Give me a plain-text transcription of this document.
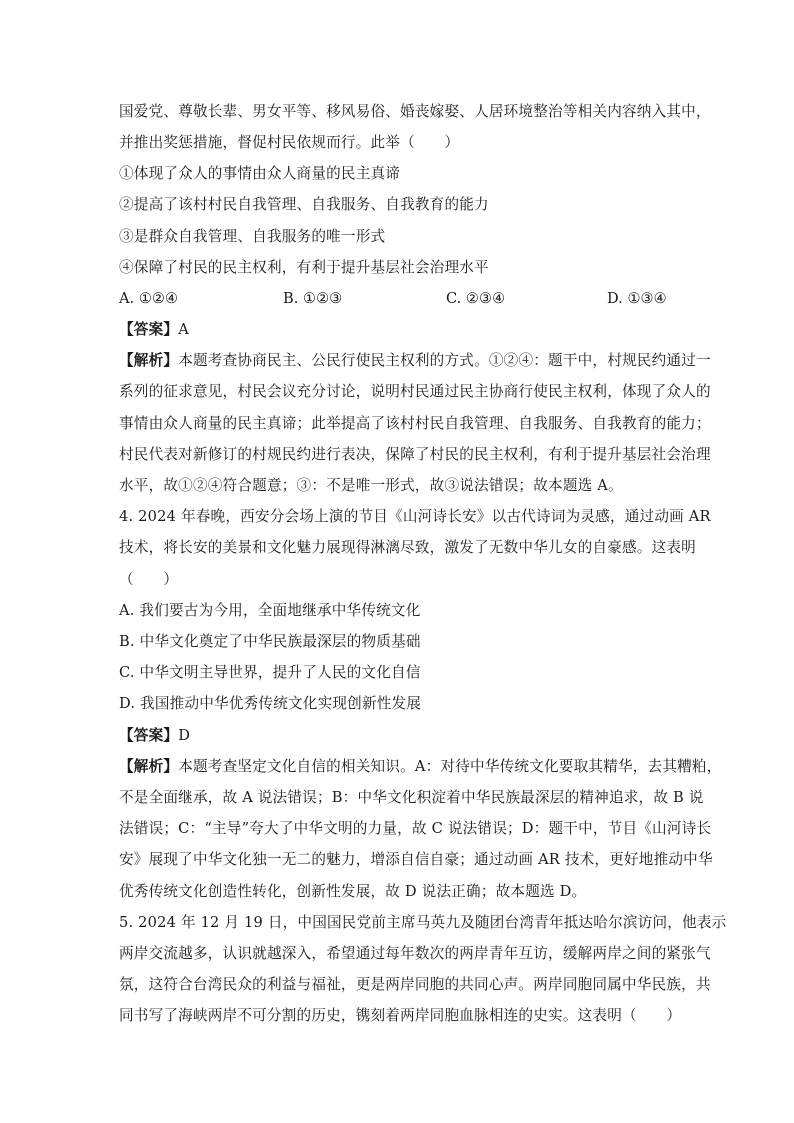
国爱党、尊敬长辈、男女平等、移风易俗、婚丧嫁娶、人居环境整治等相关内容纳入其中，
并推出奖惩措施，督促村民依规而行。此举（　　）
①体现了众人的事情由众人商量的民主真谛
②提高了该村村民自我管理、自我服务、自我教育的能力
③是群众自我管理、自我服务的唯一形式
④保障了村民的民主权利，有利于提升基层社会治理水平
A. ①②④	B. ①②③	C. ②③④	D. ①③④
【答案】A
【解析】本题考查协商民主、公民行使民主权利的方式。①②④：题干中，村规民约通过一
系列的征求意见，村民会议充分讨论，说明村民通过民主协商行使民主权利，体现了众人的
事情由众人商量的民主真谛；此举提高了该村村民自我管理、自我服务、自我教育的能力；
村民代表对新修订的村规民约进行表决，保障了村民的民主权利，有利于提升基层社会治理
水平，故①②④符合题意；③：不是唯一形式，故③说法错误；故本题选 A。
4. 2024 年春晚，西安分会场上演的节目《山河诗长安》以古代诗词为灵感，通过动画 AR
技术，将长安的美景和文化魅力展现得淋漓尽致，激发了无数中华儿女的自豪感。这表明
（　　）
A. 我们要古为今用，全面地继承中华传统文化
B. 中华文化奠定了中华民族最深层的物质基础
C. 中华文明主导世界，提升了人民的文化自信
D. 我国推动中华优秀传统文化实现创新性发展
【答案】D
【解析】本题考查坚定文化自信的相关知识。A：对待中华传统文化要取其精华，去其糟粕，
不是全面继承，故 A 说法错误；B：中华文化积淀着中华民族最深层的精神追求，故 B 说
法错误；C：“主导”夸大了中华文明的力量，故 C 说法错误；D：题干中，节目《山河诗长
安》展现了中华文化独一无二的魅力，增添自信自豪；通过动画 AR 技术，更好地推动中华
优秀传统文化创造性转化，创新性发展，故 D 说法正确；故本题选 D。
5. 2024 年 12 月 19 日，中国国民党前主席马英九及随团台湾青年抵达哈尔滨访问，他表示
两岸交流越多，认识就越深入，希望通过每年数次的两岸青年互访，缓解两岸之间的紧张气
氛，这符合台湾民众的利益与福祉，更是两岸同胞的共同心声。两岸同胞同属中华民族，共
同书写了海峡两岸不可分割的历史，镌刻着两岸同胞血脉相连的史实。这表明（　　）
